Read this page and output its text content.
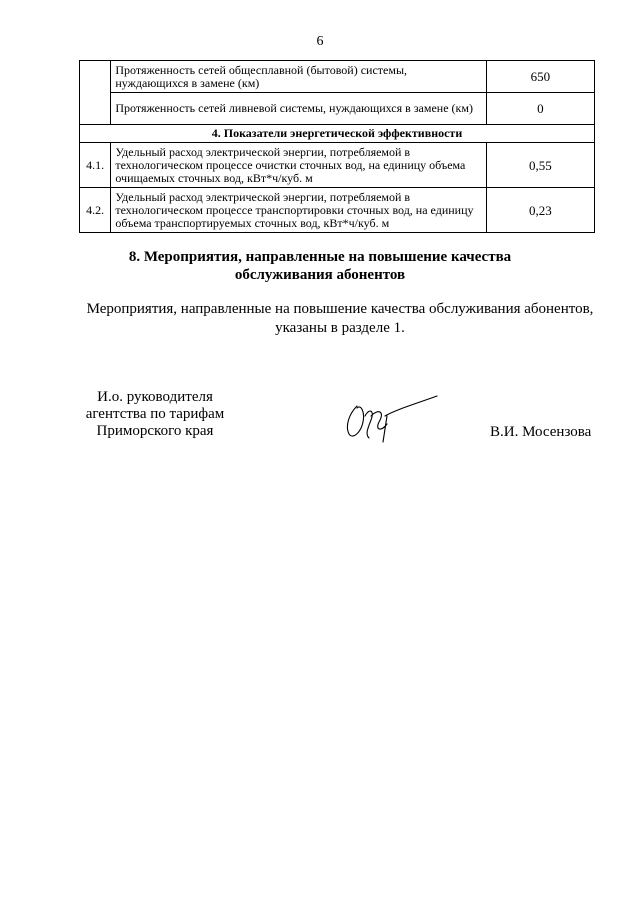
6
	Протяженность сетей общесплавной (бытовой) системы, нуждающихся в замене (км)	650
	Протяженность сетей ливневой системы, нуждающихся в замене (км)	0
4. Показатели энергетической эффективности		
4.1.	Удельный расход электрической энергии, потребляемой в технологическом процессе очистки сточных вод, на единицу объема очищаемых сточных вод, кВт*ч/куб. м	0,55
4.2.	Удельный расход электрической энергии, потребляемой в технологическом процессе транспортировки сточных вод, на единицу объема транспортируемых сточных вод, кВт*ч/куб. м	0,23
8. Мероприятия, направленные на повышение качества
обслуживания абонентов
Мероприятия, направленные на повышение качества обслуживания абонентов, указаны в разделе 1.
И.о. руководителя
агентства по тарифам
Приморского края	В.И. Мосензова
